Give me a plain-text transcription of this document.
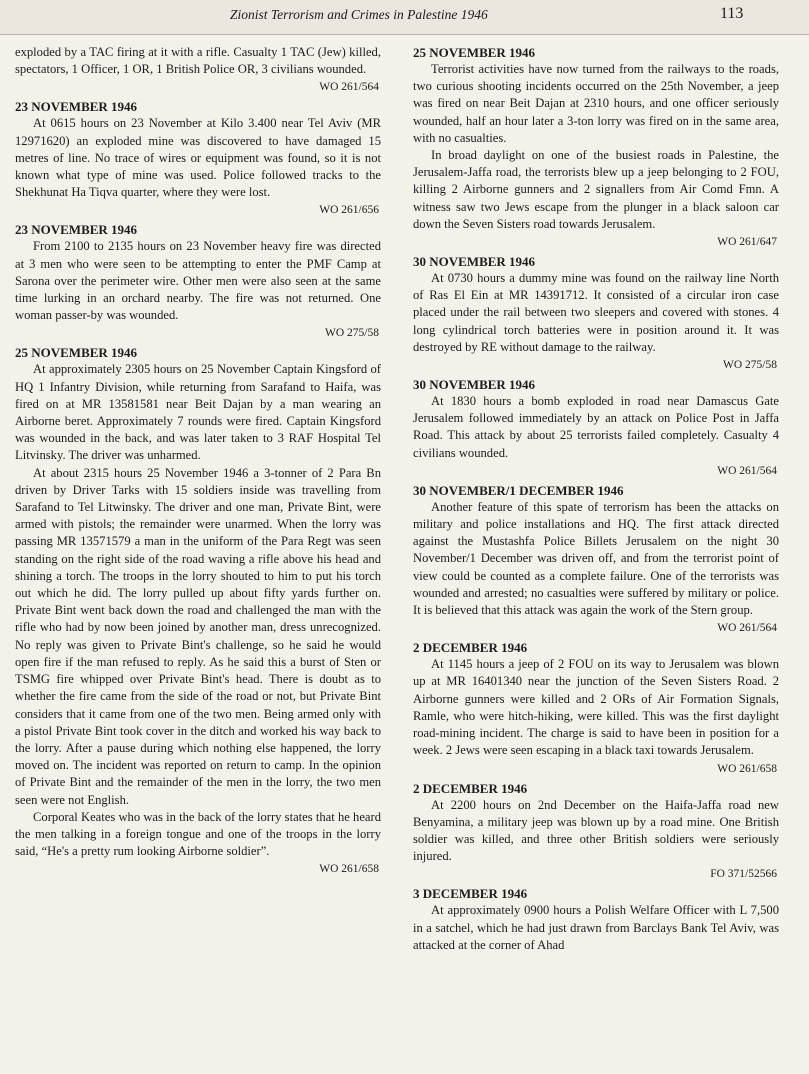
Zionist Terrorism and Crimes in Palestine 1946	113

exploded by a TAC firing at it with a rifle. Casualty 1 TAC (Jew) killed, spectators, 1 Officer, 1 OR, 1 British Police OR, 3 civilians wounded.

WO 261/564
23 NOVEMBER 1946

At 0615 hours on 23 November at Kilo 3.400 near Tel Aviv (MR 12971620) an exploded mine was discovered to have damaged 15 metres of line. No trace of wires or equipment was found, so it is not known what type of mine was used. Police followed tracks to the Shekhunat Ha Tiqva quarter, where they were lost.

WO 261/656
23 NOVEMBER 1946

From 2100 to 2135 hours on 23 November heavy fire was directed at 3 men who were seen to be attempting to enter the PMF Camp at Sarona over the perimeter wire. Other men were also seen at the same time lurking in an orchard nearby. The fire was not returned. One woman passer-by was wounded.

WO 275/58
25 NOVEMBER 1946

At approximately 2305 hours on 25 November Captain Kingsford of HQ 1 Infantry Division, while returning from Sarafand to Haifa, was fired on at MR 13581581 near Beit Dajan by a man wearing an Airborne beret. Approximately 7 rounds were fired. Captain Kingsford was wounded in the back, and was later taken to 3 RAF Hospital Tel Litvinsky. The driver was unharmed.

At about 2315 hours 25 November 1946 a 3-tonner of 2 Para Bn driven by Driver Tarks with 15 soldiers inside was travelling from Sarafand to Tel Litwinsky. The driver and one man, Private Bint, were armed with pistols; the remainder were unarmed. When the lorry was passing MR 13571579 a man in the uniform of the Para Regt was seen standing on the right side of the road waving a rifle above his head and shining a torch. The troops in the lorry shouted to him to put his torch out which he did. The lorry pulled up about fifty yards further on. Private Bint went back down the road and challenged the man with the rifle who had by now been joined by another man, dress unrecognized. No reply was given to Private Bint's challenge, so he said he would open fire if the man refused to reply. As he said this a burst of Sten or TSMG fire whipped over Private Bint's head. There is doubt as to whether the fire came from the side of the road or not, but Private Bint considers that it came from one of the two men. Being armed only with a pistol Private Bint took cover in the ditch and worked his way back to the lorry. After a pause during which nothing else happened, the lorry moved on. The incident was reported on return to camp. In the opinion of Private Bint and the remainder of the men in the lorry, the two men seen were not English.

Corporal Keates who was in the back of the lorry states that he heard the men talking in a foreign tongue and one of the troops in the lorry said, “He's a pretty rum looking Airborne soldier”.

WO 261/658
25 NOVEMBER 1946

Terrorist activities have now turned from the railways to the roads, two curious shooting incidents occurred on the 25th November, a jeep was fired on near Beit Dajan at 2310 hours, and one officer seriously wounded, half an hour later a 3-ton lorry was fired on in the same area, with no casualties.

In broad daylight on one of the busiest roads in Palestine, the Jerusalem-Jaffa road, the terrorists blew up a jeep belonging to 2 FOU, killing 2 Airborne gunners and 2 signallers from Air Comd Fmn. A witness saw two Jews escape from the plunger in a black saloon car down the Seven Sisters road towards Jerusalem.

WO 261/647
30 NOVEMBER 1946

At 0730 hours a dummy mine was found on the railway line North of Ras El Ein at MR 14391712. It consisted of a circular iron case placed under the rail between two sleepers and covered with stones. 4 long cylindrical torch batteries were in position around it. It was destroyed by RE without damage to the railway.

WO 275/58
30 NOVEMBER 1946

At 1830 hours a bomb exploded in road near Damascus Gate Jerusalem followed immediately by an attack on Police Post in Jaffa Road. This attack by about 25 terrorists failed completely. Casualty 4 civilians wounded.

WO 261/564
30 NOVEMBER/1 DECEMBER 1946

Another feature of this spate of terrorism has been the attacks on military and police installations and HQ. The first attack directed against the Mustashfa Police Billets Jerusalem on the night 30 November/1 December was driven off, and from the terrorist point of view could be counted as a complete failure. One of the terrorists was wounded and arrested; no casualties were suffered by military or police. It is believed that this attack was again the work of the Stern group.

WO 261/564
2 DECEMBER 1946

At 1145 hours a jeep of 2 FOU on its way to Jerusalem was blown up at MR 16401340 near the junction of the Seven Sisters Road. 2 Airborne gunners were killed and 2 ORs of Air Formation Signals, Ramle, who were hitch-hiking, were killed. This was the first daylight road-mining incident. The charge is said to have been in position for a week. 2 Jews were seen escaping in a black taxi towards Jerusalem.

WO 261/658
2 DECEMBER 1946

At 2200 hours on 2nd December on the Haifa-Jaffa road new Benyamina, a military jeep was blown up by a road mine. One British soldier was killed, and three other British soldiers were seriously injured.

FO 371/52566
3 DECEMBER 1946

At approximately 0900 hours a Polish Welfare Officer with L 7,500 in a satchel, which he had just drawn from Barclays Bank Tel Aviv, was attacked at the corner of Ahad
